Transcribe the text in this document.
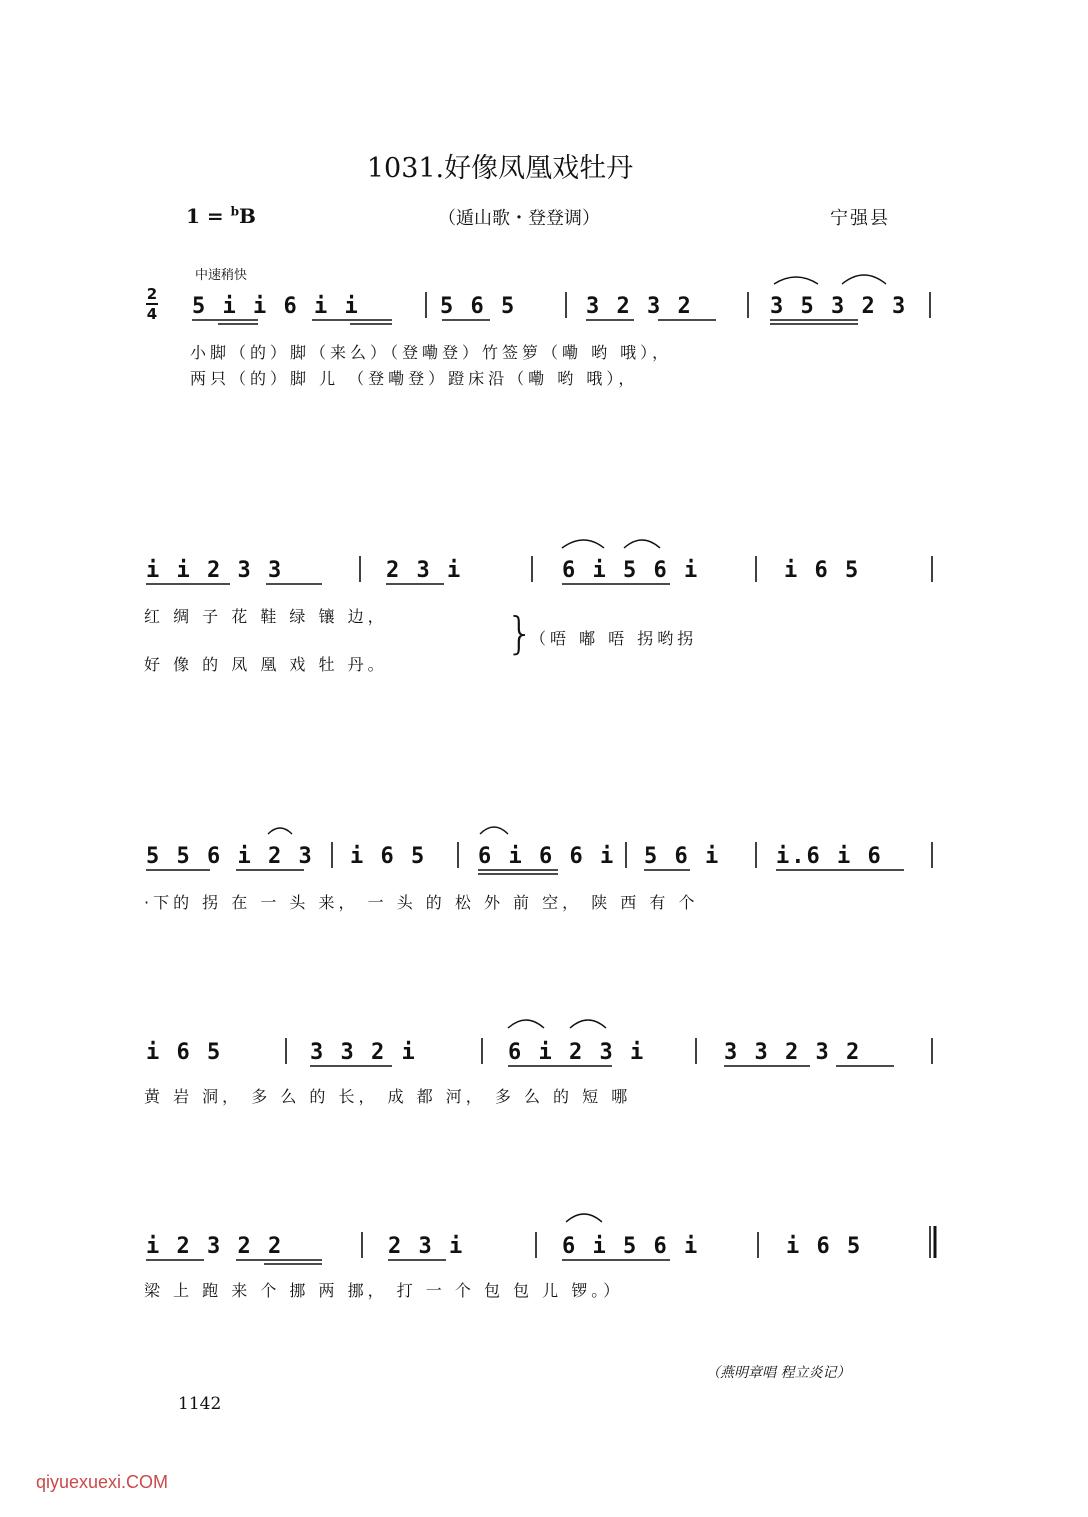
1031.好像凤凰戏牡丹
1 = $^b$B	（遁山歌・登登调）	宁强县
中速稍快
2
4 5 i i 6 i i	5 6 5	3 2 3 2	3 5 3 2 3
小脚（的）脚（来么）（登嘞登）竹签箩（嘞 哟 哦），
两只（的）脚 儿 （登嘞登）蹬床沿（嘞 哟 哦），
i i 2 3 3	2 3 i	6 i 5 6 i	i 6 5
红 绸 子 花 鞋 绿 镶 边，
好 像 的 凤 凰 戏 牡 丹。
}
（唔 嘟 唔 拐哟拐
5 5 6 i 2 3 i 6 5 6 i 6 6 i 5 6 i	i.6 i 6
·下的 拐 在 一 头 来， 一 头 的 松 外 前 空， 陕 西 有 个
i 6 5	3 3 2 i	6 i 2 3 i	3 3 2 3 2
黄 岩 洞， 多 么 的 长， 成 都 河， 多 么 的 短 哪
i 2 3 2 2	2 3 i	6 i 5 6 i	i 6 5
梁 上 跑 来 个 挪 两 挪， 打 一 个 包 包 儿 锣。）
（燕明章唱 程立炎记）
1142
qiyuexuexi.COM
